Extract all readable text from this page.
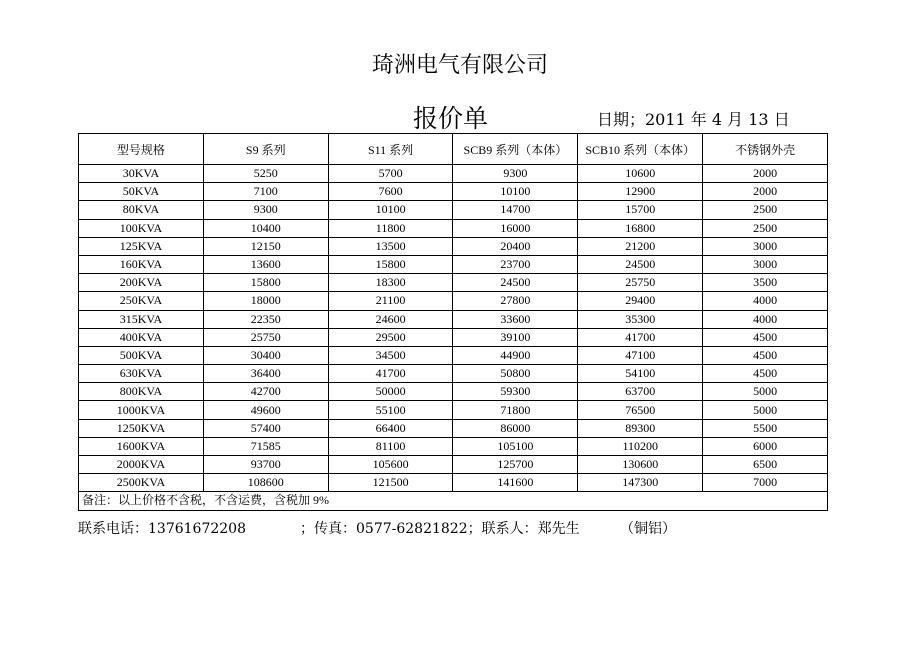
琦洲电气有限公司
报价单	日期；2011 年 4 月 13 日
型号规格	S9 系列	S11 系列	SCB9 系列（本体）	SCB10 系列（本体）	不锈钢外壳
30KVA	5250	5700	9300	10600	2000
50KVA	7100	7600	10100	12900	2000
80KVA	9300	10100	14700	15700	2500
100KVA	10400	11800	16000	16800	2500
125KVA	12150	13500	20400	21200	3000
160KVA	13600	15800	23700	24500	3000
200KVA	15800	18300	24500	25750	3500
250KVA	18000	21100	27800	29400	4000
315KVA	22350	24600	33600	35300	4000
400KVA	25750	29500	39100	41700	4500
500KVA	30400	34500	44900	47100	4500
630KVA	36400	41700	50800	54100	4500
800KVA	42700	50000	59300	63700	5000
1000KVA	49600	55100	71800	76500	5000
1250KVA	57400	66400	86000	89300	5500
1600KVA	71585	81100	105100	110200	6000
2000KVA	93700	105600	125700	130600	6500
2500KVA	108600	121500	141600	147300	7000
备注：以上价格不含税，不含运费，含税加 9%					
联系电话：13761672208	；传真：0577-62821822；联系人：郑先生	（铜铝）
